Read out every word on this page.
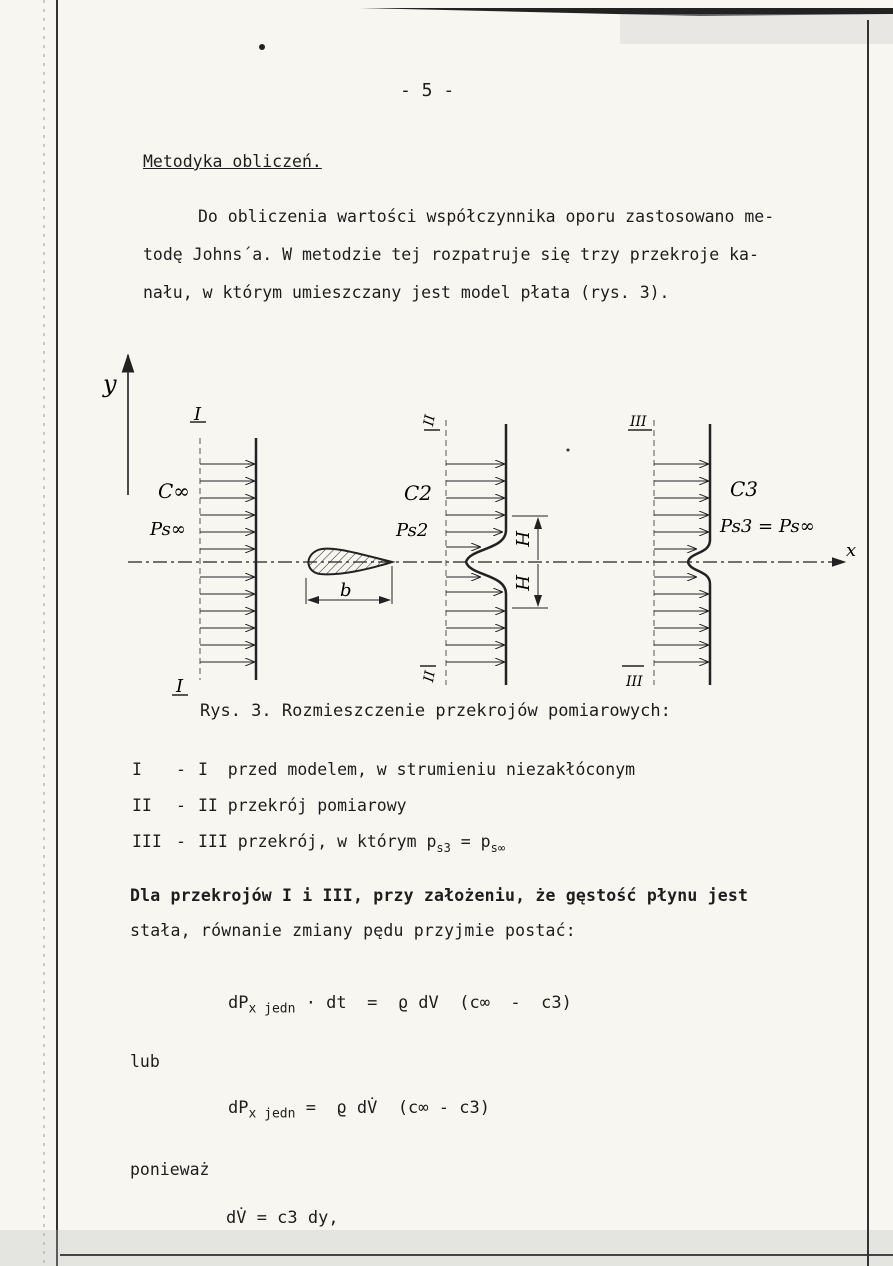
- 5 -
Metodyka obliczeń.
Do obliczenia wartości współczynnika oporu zastosowano me-
todę Johns´a. W metodzie tej rozpatruje się trzy przekroje ka-
nału, w którym umieszczany jest model płata (rys. 3).
y
x
I
I
C∞
Ps∞
b
II
II
H
H
C2
Ps2
III
III
C3
Ps3 = Ps∞
Rys. 3. Rozmieszczenie przekrojów pomiarowych:
I - I  przed modelem, w strumieniu niezakłóconym
II - II przekrój pomiarowy
III - III przekrój, w którym $p_{s3} = p_{s\infty}$
Dla przekrojów I i III, przy założeniu, że gęstość płynu jest
stała, równanie zmiany pędu przyjmie postać:
$dP_{x jedn}$ · dt  =  ϱ dV  (c∞  -  c3)
lub
$dP_{x jedn} = ϱ$ dV̇  (c∞ - c3)
ponieważ
dV̇ = c3 dy,
